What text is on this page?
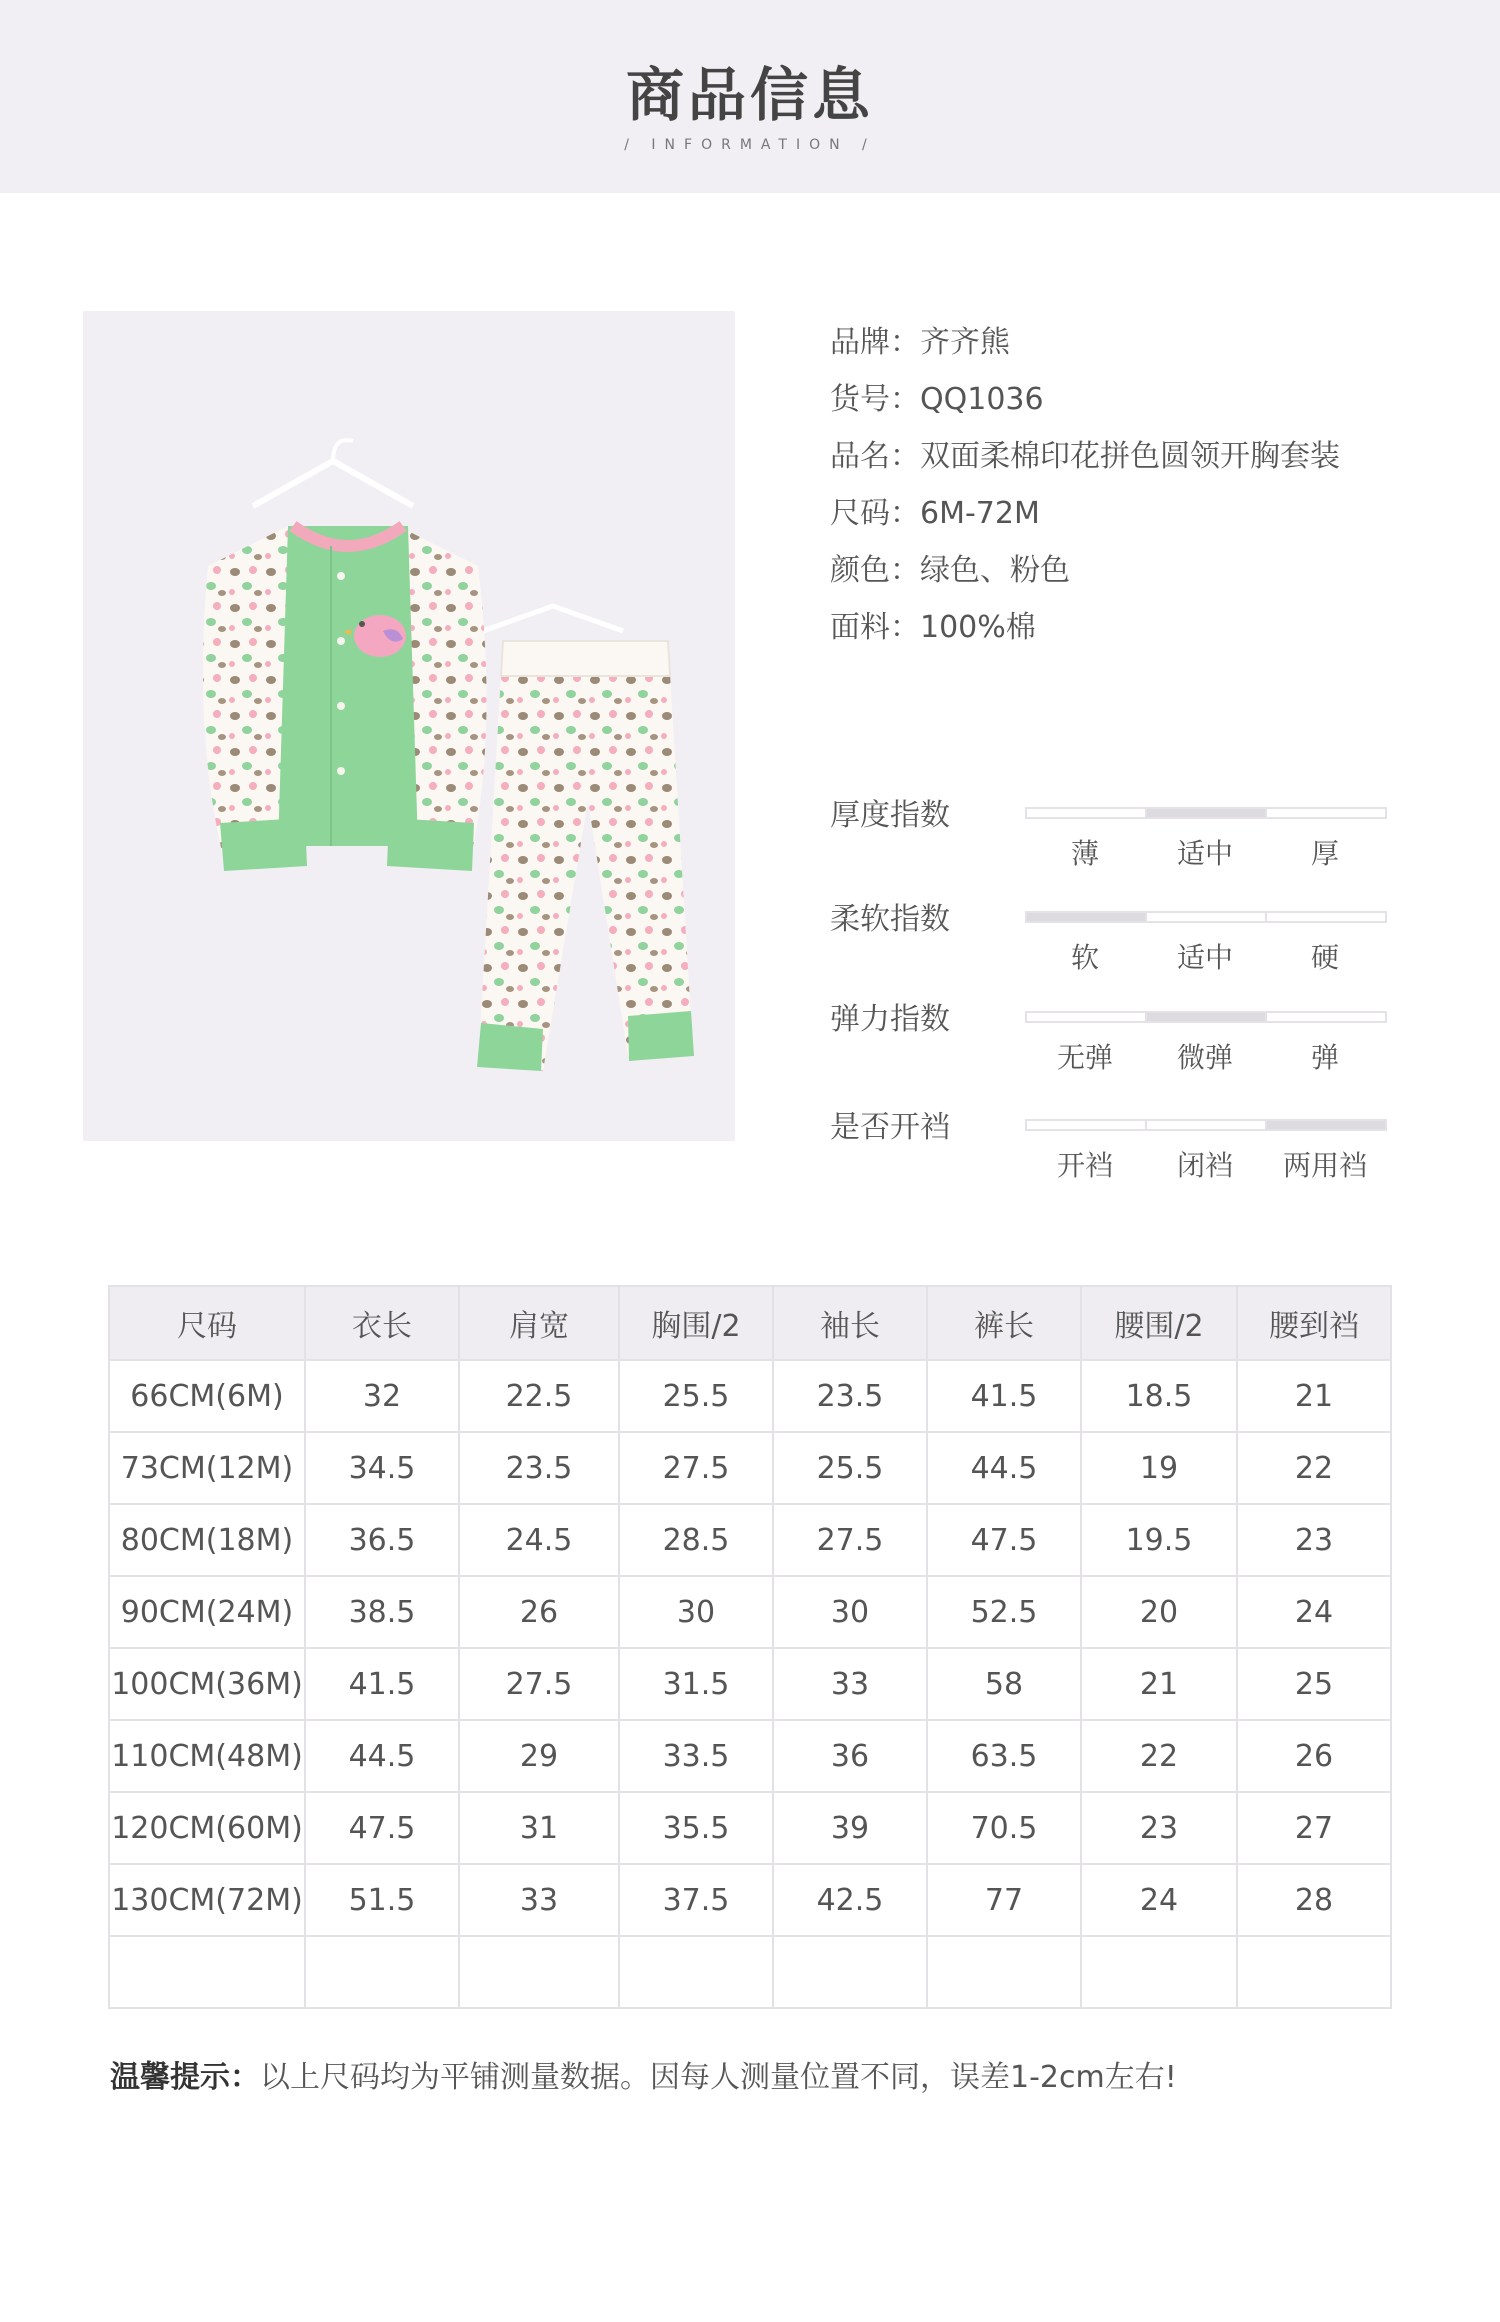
商品信息
/ INFORMATION /
品牌：齐齐熊
货号：QQ1036
品名：双面柔棉印花拼色圆领开胸套装
尺码：6M-72M
颜色：绿色、粉色
面料：100%棉
厚度指数
薄	适中	厚
柔软指数
软	适中	硬
弹力指数
无弹	微弹	弹
是否开裆
开裆	闭裆	两用裆
尺码	衣长	肩宽	胸围/2	袖长	裤长	腰围/2	腰到裆
66CM(6M)	32	22.5	25.5	23.5	41.5	18.5	21
73CM(12M)	34.5	23.5	27.5	25.5	44.5	19	22
80CM(18M)	36.5	24.5	28.5	27.5	47.5	19.5	23
90CM(24M)	38.5	26	30	30	52.5	20	24
100CM(36M)	41.5	27.5	31.5	33	58	21	25
110CM(48M)	44.5	29	33.5	36	63.5	22	26
120CM(60M)	47.5	31	35.5	39	70.5	23	27
130CM(72M)	51.5	33	37.5	42.5	77	24	28

温馨提示：以上尺码均为平铺测量数据。因每人测量位置不同，误差1-2cm左右!
